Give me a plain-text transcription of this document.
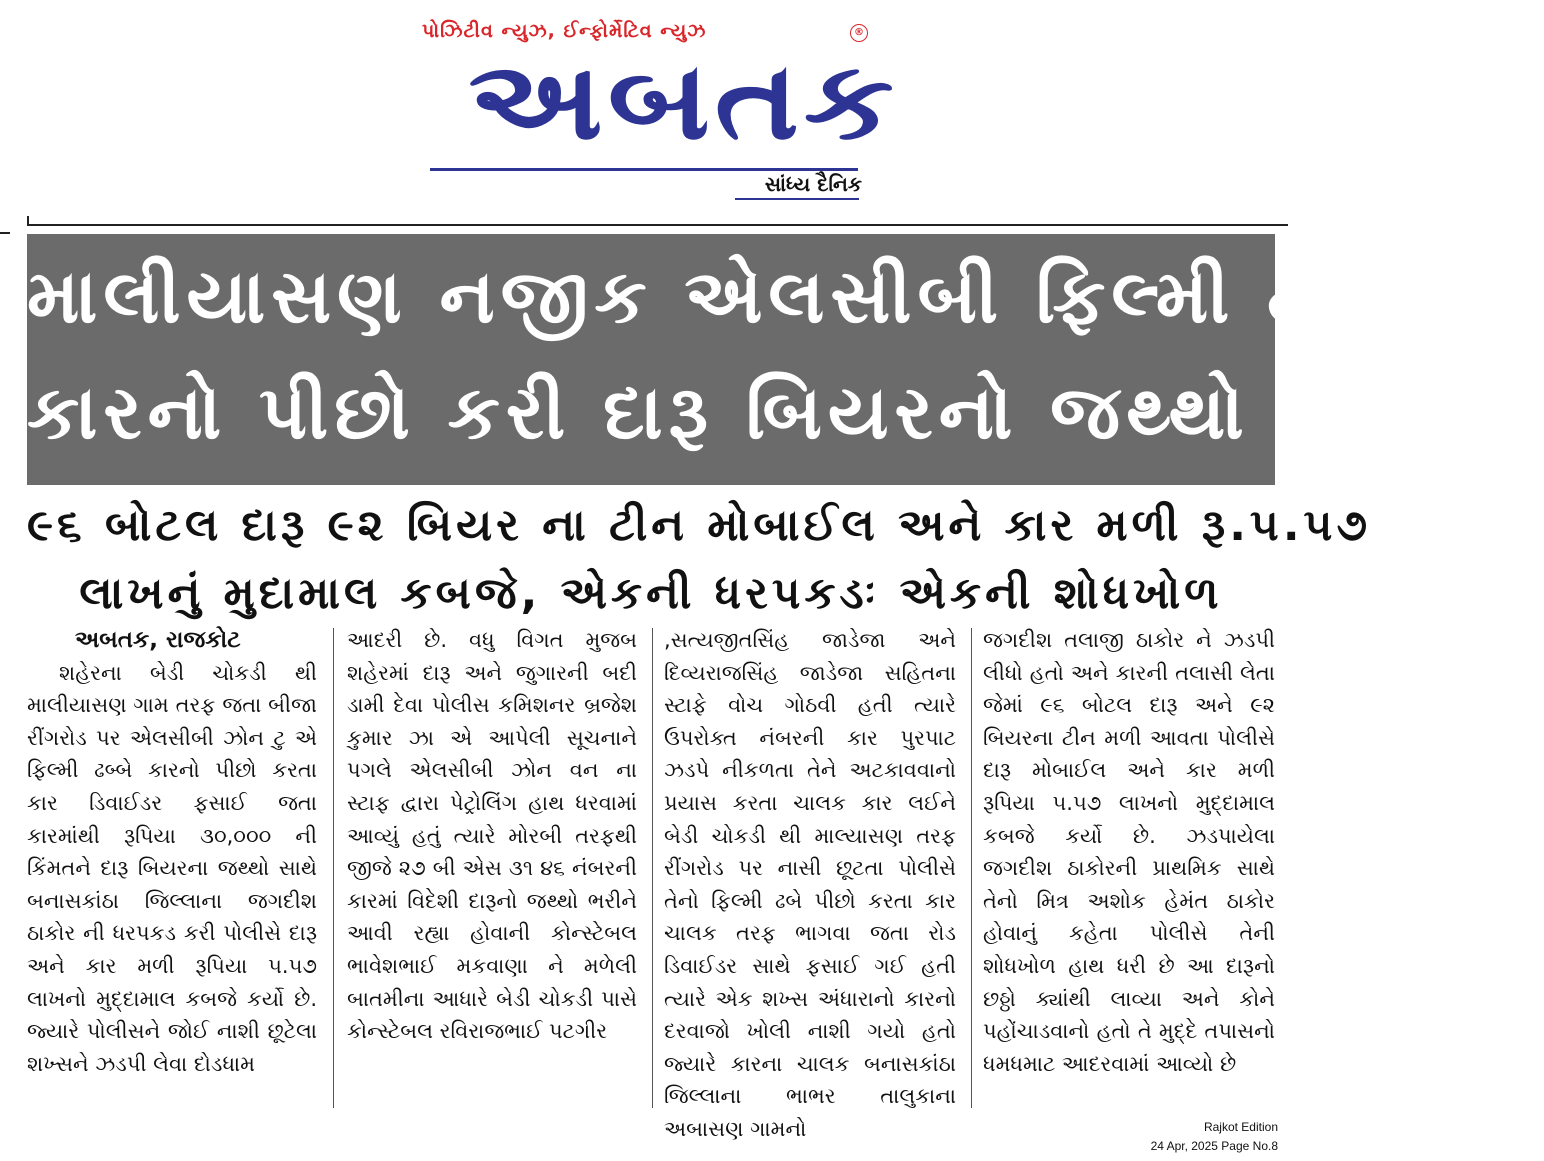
પોઝિટીવ ન્યુઝ, ઈન્ફોર્મેટિવ ન્યુઝ	®
અબતક
સાંધ્ય દૈનિક
માલીયાસણ નજીક એલસીબી ફિલ્મી ઢબ્બે
કારનો પીછો કરી દારૂ બિયરનો જથ્થો પકડાયો
૯૬ બોટલ દારૂ ૯૨ બિયર ના ટીન મોબાઈલ અને કાર મળી રૂ.૫.૫૭
લાખનું મુદામાલ કબજે, એકની ધરપકડઃ એકની શોધખોળ

અબતક, રાજકોટ

શહેરના બેડી ચોકડી થી માલીયાસણ ગામ તરફ જતા બીજા રીંગરોડ પર એલસીબી ઝોન ટુ એ ફિલ્મી ઢબ્બે કારનો પીછો કરતા કાર ડિવાઈડર ફસાઈ જતા કારમાંથી રૂપિયા ૩૦,૦૦૦ ની કિંમતને દારૂ બિયરના જથ્થો સાથે બનાસકાંઠા જિલ્લાના જગદીશ ઠાકોર ની ધરપકડ કરી પોલીસે દારૂ અને કાર મળી રૂપિયા ૫.૫૭ લાખનો મુદ્દામાલ કબજે કર્યો છે. જ્યારે પોલીસને જોઈ નાશી છૂટેલા શખ્સને ઝડપી લેવા દોડધામ

આદરી છે. વધુ વિગત મુજબ શહેરમાં દારૂ અને જુગારની બદી ડામી દેવા પોલીસ કમિશનર બ્રજેશ કુમાર ઝા એ આપેલી સૂચનાને પગલે એલસીબી ઝોન વન ના સ્ટાફ દ્વારા પેટ્રોલિંગ હાથ ધરવામાં આવ્યું હતું ત્યારે મોરબી તરફથી જીજે ૨૭ બી એસ ૩૧ ૪૬ નંબરની કારમાં વિદેશી દારૂનો જથ્થો ભરીને આવી રહ્યા હોવાની કોન્સ્ટેબલ ભાવેશભાઈ મકવાણા ને મળેલી બાતમીના આધારે બેડી ચોકડી પાસે કોન્સ્ટેબલ રવિરાજભાઈ પટગીર

,સત્યજીતસિંહ જાડેજા અને દિવ્યરાજસિંહ જાડેજા સહિતના સ્ટાફે વોચ ગોઠવી હતી ત્યારે ઉપરોક્ત નંબરની કાર પુરપાટ ઝડપે નીકળતા તેને અટકાવવાનો પ્રયાસ કરતા ચાલક કાર લઈને બેડી ચોકડી થી માલ્યાસણ તરફ રીંગરોડ પર નાસી છૂટતા પોલીસે તેનો ફિલ્મી ઢબે પીછો કરતા કાર ચાલક તરફ ભાગવા જતા રોડ ડિવાઈડર સાથે ફસાઈ ગઈ હતી ત્યારે એક શખ્સ અંધારાનો કારનો દરવાજો ખોલી નાશી ગયો હતો જ્યારે કારના ચાલક બનાસકાંઠા જિલ્લાના ભાભર તાલુકાના અબાસણ ગામનો

જગદીશ તલાજી ઠાકોર ને ઝડપી લીધો હતો અને કારની તલાસી લેતા જેમાં ૯૬ બોટલ દારૂ અને ૯૨ બિયરના ટીન મળી આવતા પોલીસે દારૂ મોબાઈલ અને કાર મળી રૂપિયા ૫.૫૭ લાખનો મુદ્દામાલ કબજે કર્યો છે. ઝડપાયેલા જગદીશ ઠાકોરની પ્રાથમિક સાથે તેનો મિત્ર અશોક હેમંત ઠાકોર હોવાનું કહેતા પોલીસે તેની શોધખોળ હાથ ધરી છે આ દારૂનો છઠ્ઠો ક્યાંથી લાવ્યા અને કોને પહોંચાડવાનો હતો તે મુદ્દે તપાસનો ધમધમાટ આદરવામાં આવ્યો છે

Rajkot Edition
24 Apr, 2025 Page No.8
